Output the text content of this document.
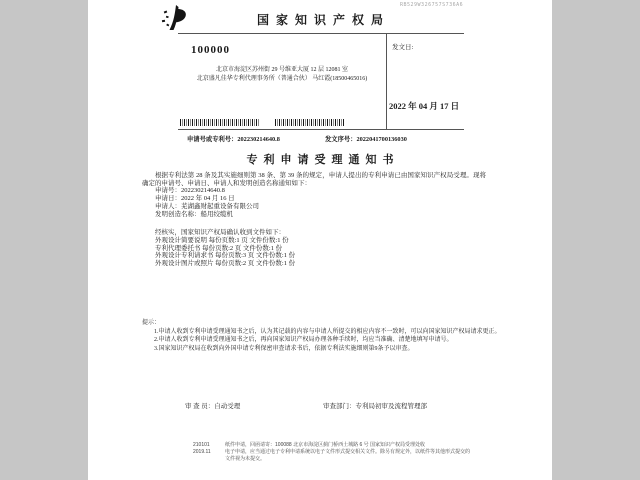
RB529W326757S736A6
国家知识产权局
100000
北京市海淀区苏州街 29 号维亚大厦 12 层 12081 室
北京盛凡佳华专利代理事务所（普通合伙） 马红霞(18500465016)
发文日:
2022 年 04 月 17 日
申请号或专利号：202230214640.8	发文序号：2022041700136030
专利申请受理通知书

根据专利法第 28 条及其实施细则第 38 条、第 39 条的规定，申请人提出的专利申请已由国家知识产权局受理。现将确定的申请号、申请日、申请人和发明创造名称通知如下：

申请号：202230214640.8
申请日：2022 年 04 月 16 日
申请人：芜湖鑫财起重设备有限公司
发明创造名称：船用绞缆机
经核实，国家知识产权局确认收到文件如下：
外观设计简要说明 每份页数:1 页 文件份数:1 份
专利代理委托书 每份页数:2 页 文件份数:1 份
外观设计专利请求书 每份页数:3 页 文件份数:1 份
外观设计图片或照片 每份页数:2 页 文件份数:1 份

提示：

1.申请人收到专利申请受理通知书之后，认为其记载的内容与申请人所提交的相应内容不一致时，可以向国家知识产权局请求更正。

2.申请人收到专利申请受理通知书之后，再向国家知识产权局办理各种手续时，均应当准确、清楚地填写申请号。

3.国家知识产权局在收到向外国申请专利保密审查请求书后，依据专利法实施细则第9条予以审查。

审 查 员：自动受理	审查部门：专利局初审及流程管理部
210101
2019.11
纸件申请，回函请寄：100088 北京市海淀区蓟门桥西土城路 6 号 国家知识产权局受理处收
电子申请，应当通过电子专利申请系统以电子文件形式提交相关文件。除另有规定外，以纸件等其他形式提交的
文件视为未提交。
